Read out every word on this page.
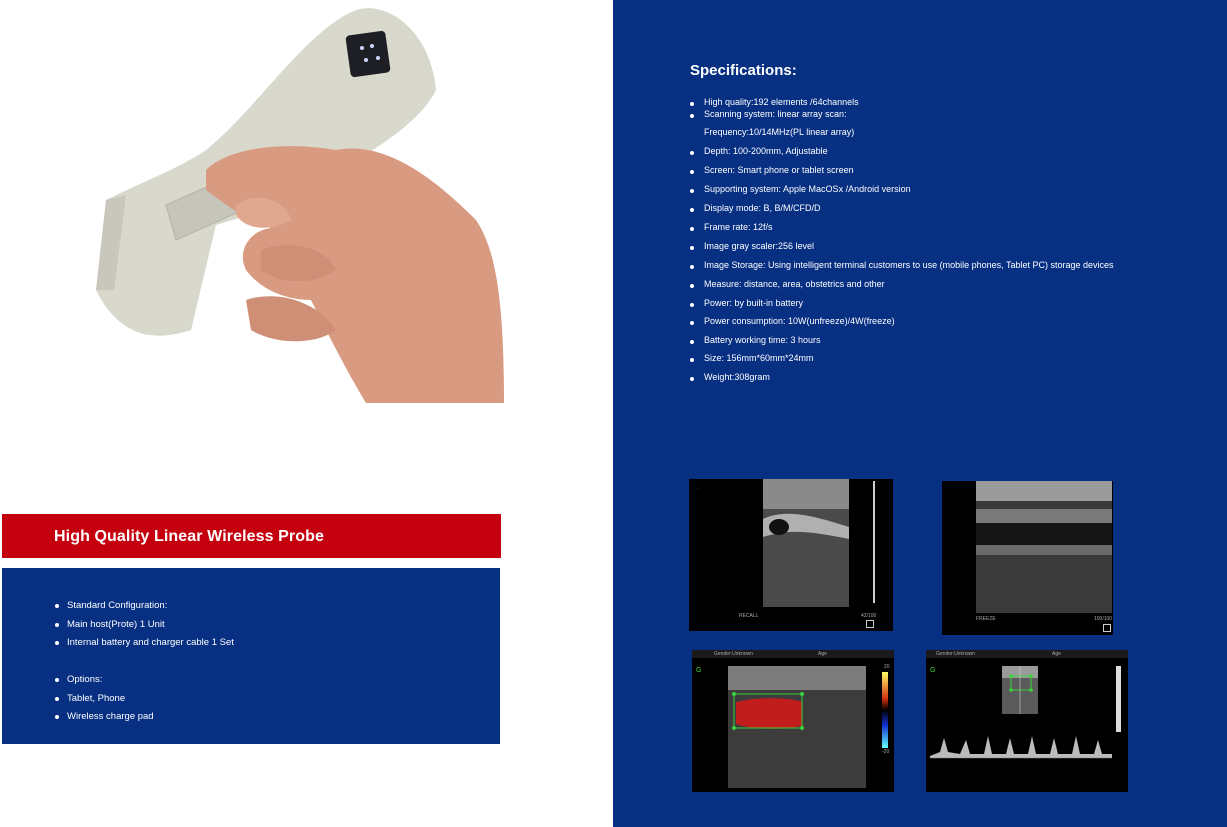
High Quality Linear Wireless Probe
Standard Configuration:
Main host(Prote) 1 Unit
Internal battery and charger cable 1 Set
Options:
Tablet, Phone
Wireless charge pad
Specifications:
High quality:192 elements /64channels
Scanning system: linear array scan:
Frequency:10/14MHz(PL linear array)
Depth: 100-200mm, Adjustable
Screen: Smart phone or tablet screen
Supporting system: Apple MacOSx /Android version
Display mode: B, B/M/CFD/D
Frame rate: 12f/s
Image gray scaler:256 level
Image Storage: Using intelligent terminal customers to use (mobile phones, Tablet PC) storage devices
Measure: distance, area, obstetrics and other
Power: by built-in battery
Power consumption: 10W(unfreeze)/4W(freeze)
Battery working time: 3 hours
Size: 156mm*60mm*24mm
Weight:308gram
..
RECALL	42/100	FREEZE	100/100
Gender:Unknown	Age
G	20
-20
Gender:Unknown	Age
G
